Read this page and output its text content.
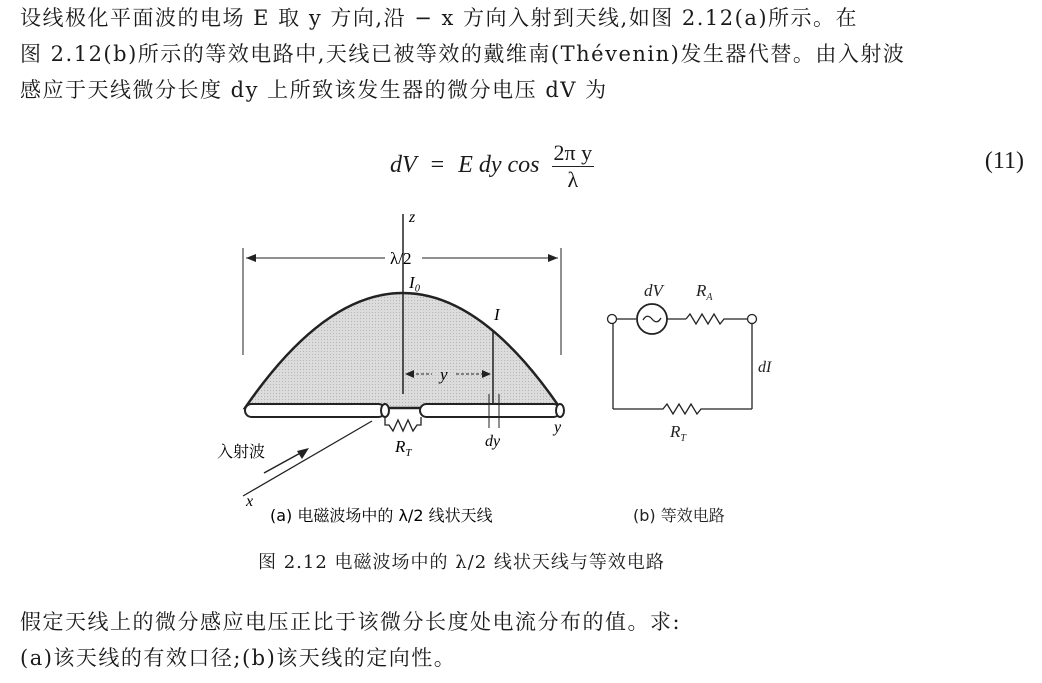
设线极化平面波的电场 E 取 y 方向,沿 − x 方向入射到天线,如图 2.12(a)所示。在
图 2.12(b)所示的等效电路中,天线已被等效的戴维南(Thévenin)发生器代替。由入射波
感应于天线微分长度 dy 上所致该发生器的微分电压 dV 为
dV = E dy $\cos \frac{\text{2π y}}{\lambda}$	(11)
z
λ/2
I₀
I
y
dy
y
$R_T$
x
入射波
(a) 电磁波场中的 λ/2 线状天线
dV $R_A$
dI
$R_T$
(b) 等效电路
图 2.12 电磁波场中的 λ/2 线状天线与等效电路
假定天线上的微分感应电压正比于该微分长度处电流分布的值。求:
(a)该天线的有效口径;(b)该天线的定向性。
